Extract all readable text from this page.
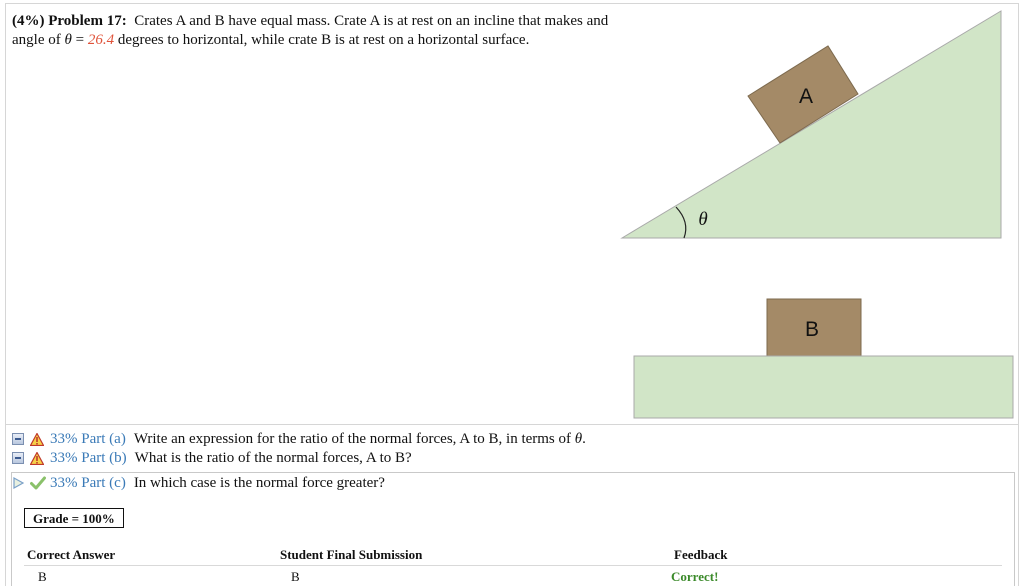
(4%) Problem 17: Crates A and B have equal mass. Crate A is at rest on an incline that makes and angle of θ = 26.4 degrees to horizontal, while crate B is at rest on a horizontal surface.
A
θ
B
33% Part (a) Write an expression for the ratio of the normal forces, A to B, in terms of θ.
33% Part (b) What is the ratio of the normal forces, A to B?
33% Part (c) In which case is the normal force greater?
Grade = 100%
Correct Answer	Student Final Submission	Feedback
B	B	Correct!
